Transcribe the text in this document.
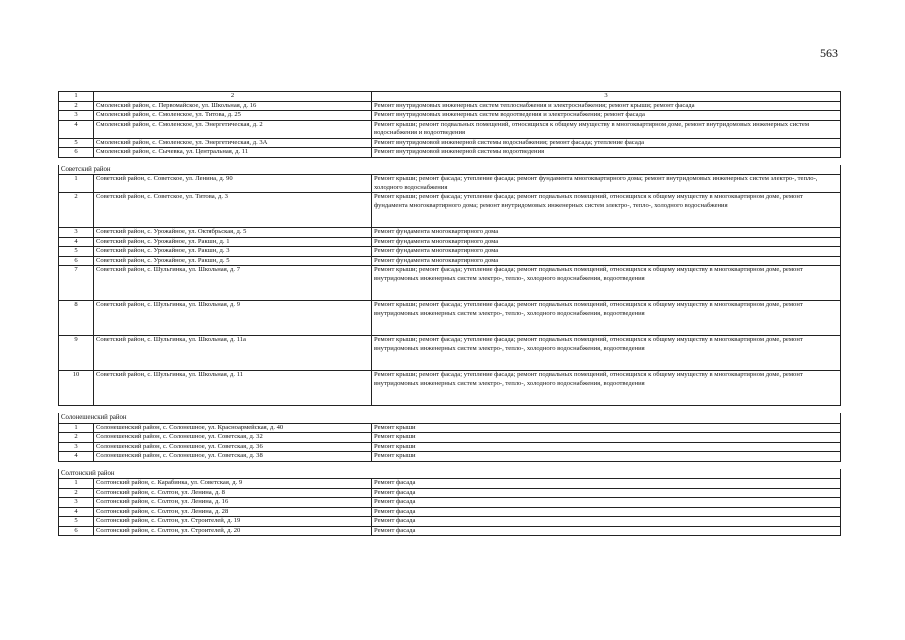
563
1	2	3
2	Смоленский район, с. Первомайское, ул. Школьная, д. 16	Ремонт внутридомовых инженерных систем теплоснабжения и электроснабжения; ремонт крыши; ремонт фасада
3	Смоленский район, с. Смоленское, ул. Титова, д. 25	Ремонт внутридомовых инженерных систем водоотведения и электроснабжения; ремонт фасада
4	Смоленский район, с. Смоленское, ул. Энергетическая, д. 2	Ремонт крыши; ремонт подвальных помещений, относящихся к общему имуществу в многоквартирном доме, ремонт внутридомовых инженерных систем водоснабжения и водоотведения
5	Смоленский район, с. Смоленское, ул. Энергетическая, д. 3А	Ремонт внутридомовой инженерной системы водоснабжения; ремонт фасада; утепление фасада
6	Смоленский район, с. Сычевка, ул. Центральная, д. 11	Ремонт внутридомовой инженерной системы водоотведения

Советский район		
1	Советский район, с. Советское, ул. Ленина, д. 90	Ремонт крыши; ремонт фасада; утепление фасада; ремонт фундамента многоквартирного дома; ремонт внутридомовых инженерных систем электро-, тепло-, холодного водоснабжения
2	Советский район, с. Советское, ул. Титова, д. 3	Ремонт крыши; ремонт фасада; утепление фасада; ремонт подвальных помещений, относящихся к общему имуществу в многоквартирном доме, ремонт фундамента многоквартирного дома; ремонт внутридомовых инженерных систем электро-, тепло-, холодного водоснабжения
3	Советский район, с. Урожайное, ул. Октябрьская, д. 5	Ремонт фундамента многоквартирного дома
4	Советский район, с. Урожайное, ул. Ракшн, д. 1	Ремонт фундамента многоквартирного дома
5	Советский район, с. Урожайное, ул. Ракшн, д. 3	Ремонт фундамента многоквартирного дома
6	Советский район, с. Урожайное, ул. Ракшн, д. 5	Ремонт фундамента многоквартирного дома
7	Советский район, с. Шульгинка, ул. Школьная, д. 7	Ремонт крыши; ремонт фасада; утепление фасада; ремонт подвальных помещений, относящихся к общему имуществу в многоквартирном доме, ремонт внутридомовых инженерных систем электро-, тепло-, холодного водоснабжения, водоотведения
8	Советский район, с. Шульгинка, ул. Школьная, д. 9	Ремонт крыши; ремонт фасада; утепление фасада; ремонт подвальных помещений, относящихся к общему имуществу в многоквартирном доме, ремонт внутридомовых инженерных систем электро-, тепло-, холодного водоснабжения, водоотведения
9	Советский район, с. Шульгинка, ул. Школьная, д. 11а	Ремонт крыши; ремонт фасада; утепление фасада; ремонт подвальных помещений, относящихся к общему имуществу в многоквартирном доме, ремонт внутридомовых инженерных систем электро-, тепло-, холодного водоснабжения, водоотведения
10	Советский район, с. Шульгинка, ул. Школьная, д. 11	Ремонт крыши; ремонт фасада; утепление фасада; ремонт подвальных помещений, относящихся к общему имуществу в многоквартирном доме, ремонт внутридомовых инженерных систем электро-, тепло-, холодного водоснабжения, водоотведения

Солонешенский район		
1	Солонешенский район, с. Солонешное, ул. Красноармейская, д. 40	Ремонт крыши
2	Солонешенский район, с. Солонешное, ул. Советская, д. 32	Ремонт крыши
3	Солонешенский район, с. Солонешное, ул. Советская, д. 36	Ремонт крыши
4	Солонешенский район, с. Солонешное, ул. Советская, д. 38	Ремонт крыши

Солтонский район		
1	Солтонский район, с. Карабинка, ул. Советская, д. 9	Ремонт фасада
2	Солтонский район, с. Солтон, ул. Ленина, д. 8	Ремонт фасада
3	Солтонский район, с. Солтон, ул. Ленина, д. 16	Ремонт фасада
4	Солтонский район, с. Солтон, ул. Ленина, д. 28	Ремонт фасада
5	Солтонский район, с. Солтон, ул. Строителей, д. 19	Ремонт фасада
6	Солтонский район, с. Солтон, ул. Строителей, д. 20	Ремонт фасада
